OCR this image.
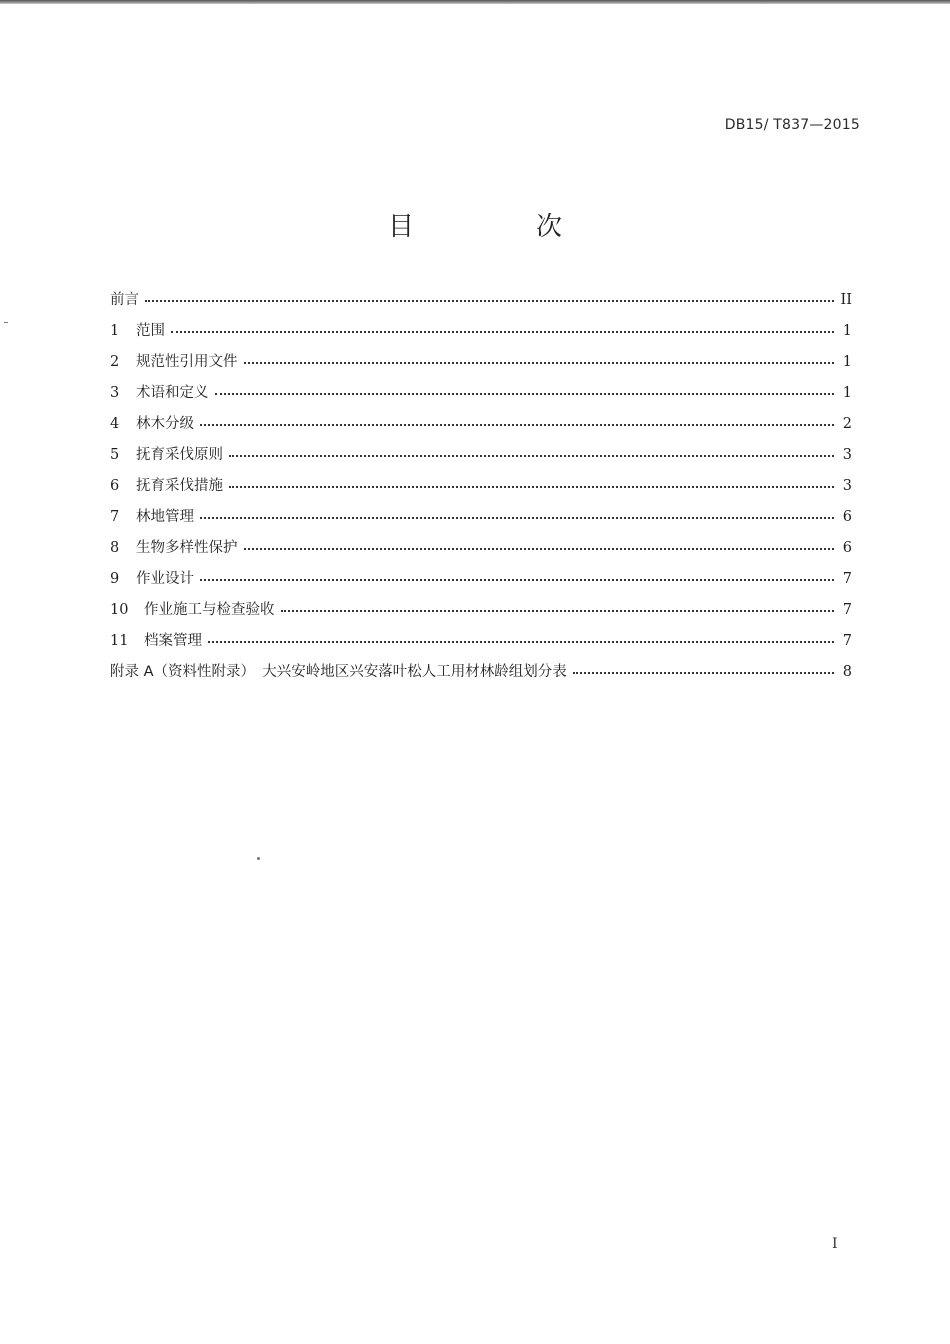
DB15/ T837—2015
目　次
前言	II
1	范围	1
2	规范性引用文件	1
3	术语和定义	1
4	林木分级	2
5	抚育采伐原则	3
6	抚育采伐措施	3
7	林地管理	6
8	生物多样性保护	6
9	作业设计	7
10	作业施工与检查验收	7
11	档案管理	7
附录 A（资料性附录）　大兴安岭地区兴安落叶松人工用材林龄组划分表	8
I
